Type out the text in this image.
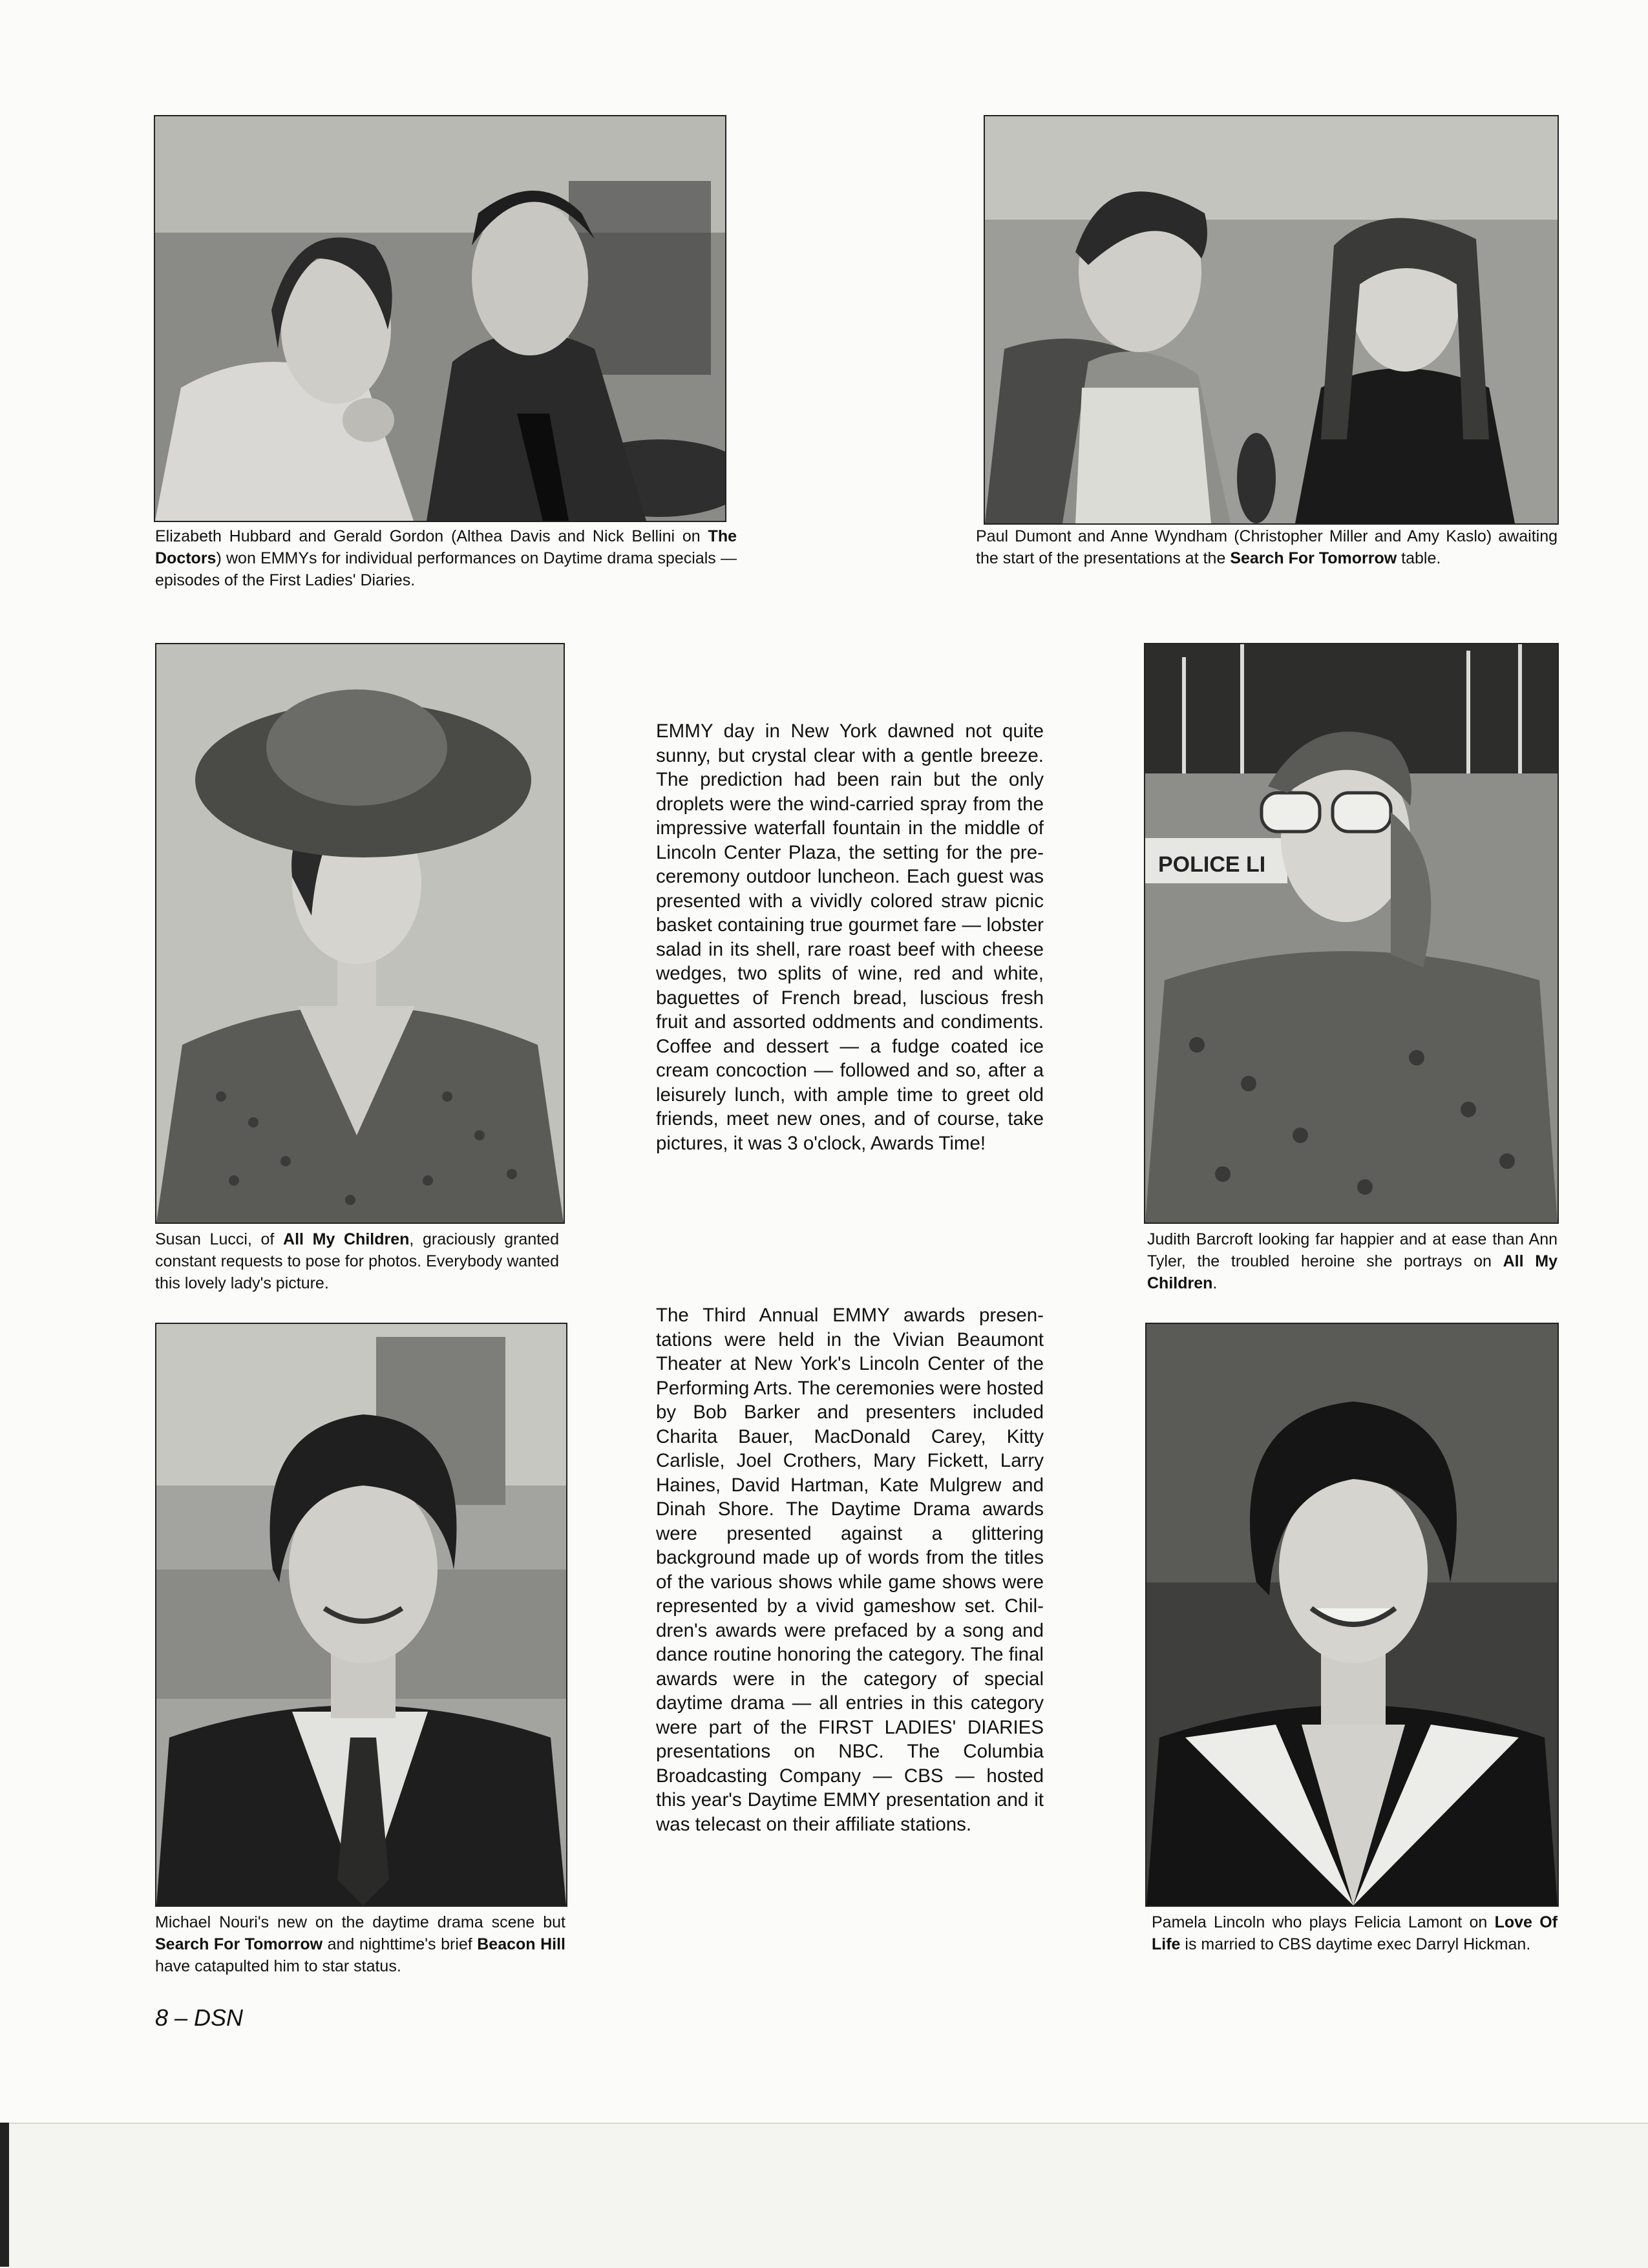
Elizabeth Hubbard and Gerald Gordon (Althea Davis and Nick Bellini on The Doctors) won EMMYs for individual performances on Daytime drama specials — episodes of the First Ladies' Diaries.

Paul Dumont and Anne Wyndham (Christopher Miller and Amy Kaslo) awaiting the start of the presentations at the Search For Tomorrow table.

Susan Lucci, of All My Children, graciously granted constant requests to pose for photos. Everybody wanted this lovely lady's picture.

EMMY day in New York dawned not quite sunny, but crystal clear with a gentle breeze. The prediction had been rain but the only droplets were the wind-carried spray from the impressive waterfall fountain in the middle of Lincoln Center Plaza, the setting for the pre-ceremony outdoor luncheon. Each guest was presented with a vividly colored straw picnic basket containing true gourmet fare — lobster salad in its shell, rare roast beef with cheese wedges, two splits of wine, red and white, baguettes of French bread, luscious fresh fruit and assorted oddments and condiments. Coffee and dessert — a fudge coated ice cream concoction — followed and so, after a leisurely lunch, with ample time to greet old friends, meet new ones, and of course, take pictures, it was 3 o'clock, Awards Time!
The Third Annual EMMY awards presentations were held in the Vivian Beaumont Theater at New York's Lincoln Center of the Performing Arts. The ceremonies were hosted by Bob Barker and presenters included Charita Bauer, MacDonald Carey, Kitty Carlisle, Joel Crothers, Mary Fickett, Larry Haines, David Hartman, Kate Mulgrew and Dinah Shore. The Daytime Drama awards were presented against a glittering background made up of words from the titles of the various shows while game shows were represented by a vivid gameshow set. Children's awards were prefaced by a song and dance routine honoring the category. The final awards were in the category of special daytime drama — all entries in this category were part of the FIRST LADIES' DIARIES presentations on NBC. The Columbia Broadcasting Company — CBS — hosted this year's Daytime EMMY presentation and it was telecast on their affiliate stations.
POLICE LI

Judith Barcroft looking far happier and at ease than Ann Tyler, the troubled heroine she portrays on All My Children.

Michael Nouri's new on the daytime drama scene but Search For Tomorrow and nighttime's brief Beacon Hill have catapulted him to star status.

Pamela Lincoln who plays Felicia Lamont on Love Of Life is married to CBS daytime exec Darryl Hickman.

8 – DSN
